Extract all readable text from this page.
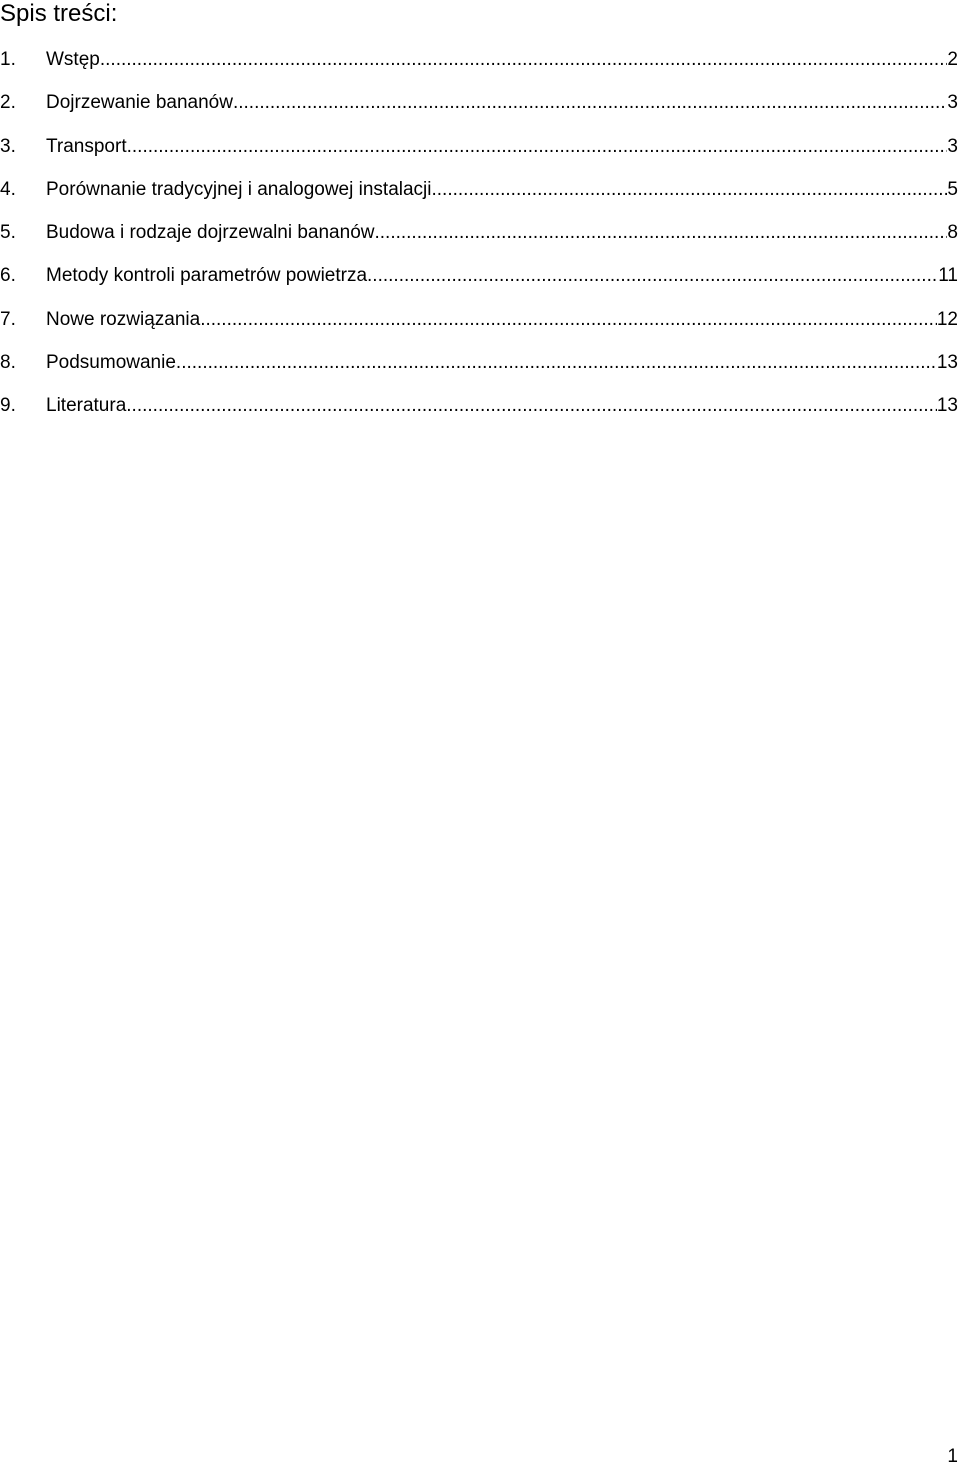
Spis treści:
1.	Wstęp .....	2
2.	Dojrzewanie bananów .....	3
3.	Transport .....	3
4.	Porównanie tradycyjnej i analogowej instalacji .....	5
5.	Budowa i rodzaje dojrzewalni bananów .....	8
6.	Metody kontroli parametrów powietrza .....	11
7.	Nowe rozwiązania .....	12
8.	Podsumowanie .....	13
9.	Literatura .....	13
1
